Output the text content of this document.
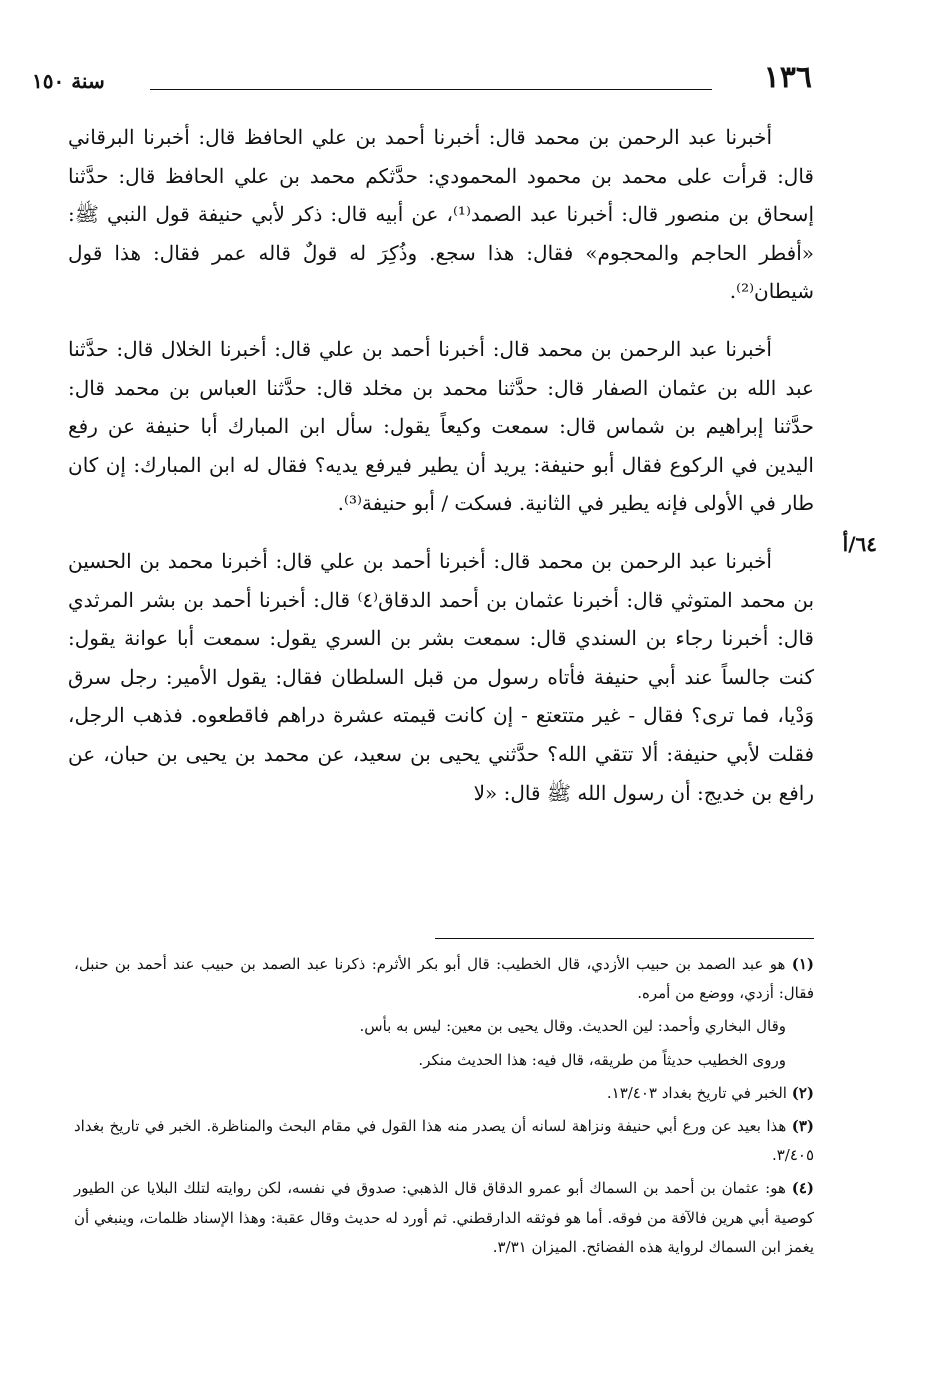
١٣٦
سنة ١٥٠
٦٤/أ

أخبرنا عبد الرحمن بن محمد قال: أخبرنا أحمد بن علي الحافظ قال: أخبرنا البرقاني قال: قرأت على محمد بن محمود المحمودي: حدَّثكم محمد بن علي الحافظ قال: حدَّثنا إسحاق بن منصور قال: أخبرنا عبد الصمد⁽¹⁾، عن أبيه قال: ذكر لأبي حنيفة قول النبي ﷺ: «أفطر الحاجم والمحجوم» فقال: هذا سجع. وذُكِرَ له قولٌ قاله عمر فقال: هذا قول شيطان⁽²⁾.

أخبرنا عبد الرحمن بن محمد قال: أخبرنا أحمد بن علي قال: أخبرنا الخلال قال: حدَّثنا عبد الله بن عثمان الصفار قال: حدَّثنا محمد بن مخلد قال: حدَّثنا العباس بن محمد قال: حدَّثنا إبراهيم بن شماس قال: سمعت وكيعاً يقول: سأل ابن المبارك أبا حنيفة عن رفع اليدين في الركوع فقال أبو حنيفة: يريد أن يطير فيرفع يديه؟ فقال له ابن المبارك: إن كان طار في الأولى فإنه يطير في الثانية. فسكت / أبو حنيفة⁽³⁾.

أخبرنا عبد الرحمن بن محمد قال: أخبرنا أحمد بن علي قال: أخبرنا محمد بن الحسين بن محمد المتوثي قال: أخبرنا عثمان بن أحمد الدقاق⁽٤⁾ قال: أخبرنا أحمد بن بشر المرثدي قال: أخبرنا رجاء بن السندي قال: سمعت بشر بن السري يقول: سمعت أبا عوانة يقول: كنت جالساً عند أبي حنيفة فأتاه رسول من قبل السلطان فقال: يقول الأمير: رجل سرق وَدْيا، فما ترى؟ فقال - غير متتعتع - إن كانت قيمته عشرة دراهم فاقطعوه. فذهب الرجل، فقلت لأبي حنيفة: ألا تتقي الله؟ حدَّثني يحيى بن سعيد، عن محمد بن يحيى بن حبان، عن رافع بن خديج: أن رسول الله ﷺ قال: «لا

(١) هو عبد الصمد بن حبيب الأزدي، قال الخطيب: قال أبو بكر الأثرم: ذكرنا عبد الصمد بن حبيب عند أحمد بن حنبل، فقال: أزدي، ووضع من أمره.

وقال البخاري وأحمد: لين الحديث. وقال يحيى بن معين: ليس به بأس.

وروى الخطيب حديثاً من طريقه، قال فيه: هذا الحديث منكر.

(٢) الخبر في تاريخ بغداد ١٣/٤٠٣.

(٣) هذا بعيد عن ورع أبي حنيفة ونزاهة لسانه أن يصدر منه هذا القول في مقام البحث والمناظرة. الخبر في تاريخ بغداد ٣/٤٠٥.

(٤) هو: عثمان بن أحمد بن السماك أبو عمرو الدقاق قال الذهبي: صدوق في نفسه، لكن روايته لتلك البلايا عن الطيور كوصية أبي هرين فالآفة من فوقه. أما هو فوثقه الدارقطني. ثم أورد له حديث وقال عقبة: وهذا الإسناد ظلمات، وينبغي أن يغمز ابن السماك لرواية هذه الفضائح. الميزان ٣/٣١.
